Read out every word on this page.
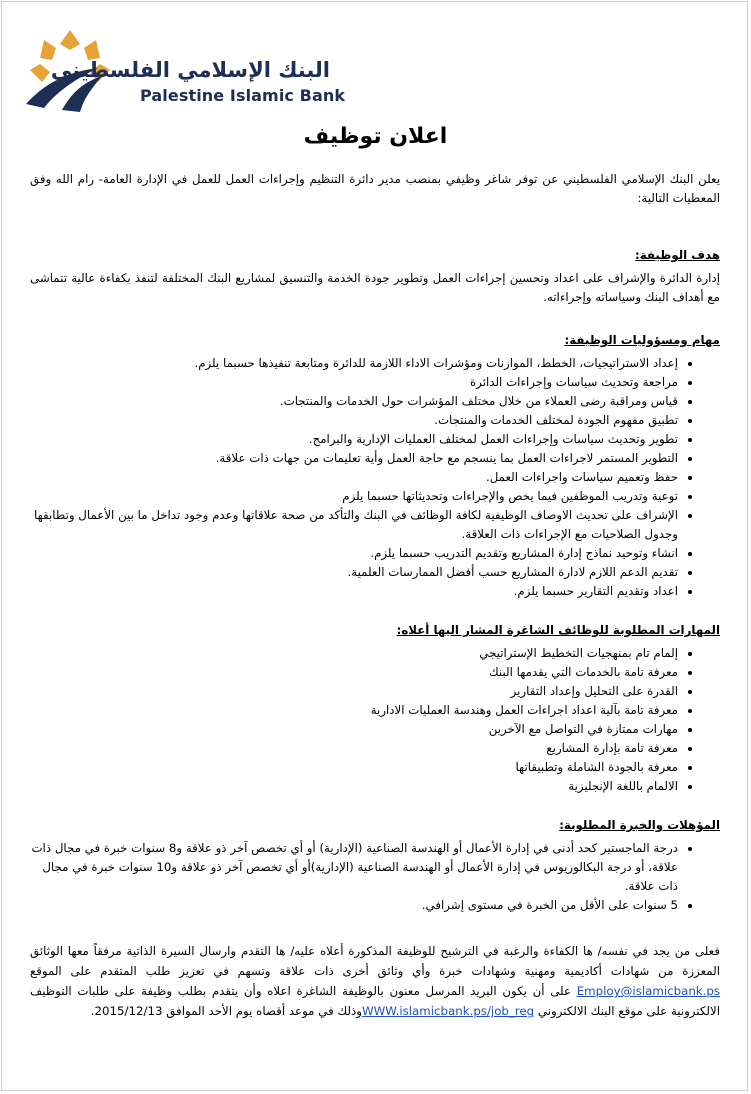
البنك الإسلامي الفلسطيني
Palestine Islamic Bank
اعلان توظيف

يعلن البنك الإسلامي الفلسطيني عن توفر شاغر وظيفي بمنصب مدير دائرة التنظيم وإجراءات العمل للعمل في الإدارة العامة- رام الله وفق المعطيات التالية:

هدف الوظيفة:

إدارة الدائرة والإشراف على اعداد وتحسين إجراءات العمل وتطوير جودة الخدمة والتنسيق لمشاريع البنك المختلفة لتنفذ بكفاءة عالية تتماشى مع أهداف البنك وسياساته وإجراءاته.

مهام ومسؤوليات الوظيفة:
• إعداد الاستراتيجيات، الخطط، الموازنات ومؤشرات الاداء اللازمة للدائرة ومتابعة تنفيذها حسبما يلزم.
• مراجعة وتحديث سياسات وإجراءات الدائرة
• قياس ومراقبة رضى العملاء من خلال مختلف المؤشرات حول الخدمات والمنتجات.
• تطبيق مفهوم الجودة لمختلف الخدمات والمنتجات.
• تطوير وتحديث سياسات وإجراءات العمل لمختلف العمليات الإدارية والبرامج.
• التطوير المستمر لاجراءات العمل بما ينسجم مع حاجة العمل وأية تعليمات من جهات ذات علاقة.
• حفظ وتعميم سياسات واجراءات العمل.
• توعية وتدريب الموظفين فيما يخص والإجراءات وتحديثاتها حسبما يلزم
• الإشراف على تحديث الاوصاف الوظيفية لكافة الوظائف في البنك والتأكد من صحة علاقاتها وعدم وجود تداخل ما بين الأعمال وتطابقها وجدول الصلاحيات مع الإجراءات ذات العلاقة.
• انشاء وتوحيد نماذج إدارة المشاريع وتقديم التدريب حسبما يلزم.
• تقديم الدعم اللازم لادارة المشاريع حسب أفضل الممارسات العلمية.
• اعداد وتقديم التقارير حسبما يلزم.
المهارات المطلوبة للوظائف الشاغرة المشار اليها أعلاه:
• إلمام تام بمنهجيات التخطيط الإستراتيجي
• معرفة تامة بالخدمات التي يقدمها البنك
• القدرة على التحليل وإعداد التقارير
• معرفة تامة بآلية اعداد اجراءات العمل وهندسة العمليات الادارية
• مهارات ممتازة في التواصل مع الآخرين
• معرفة تامة بإدارة المشاريع
• معرفة بالجودة الشاملة وتطبيقاتها
• الالمام باللغة الإنجليزية
المؤهلات والخبرة المطلوبة:
• درجة الماجستير كحد أدنى في إدارة الأعمال أو الهندسة الصناعية (الإدارية) أو أي تخصص آخر ذو علاقة و8 سنوات خبرة في مجال ذات علاقة، أو درجة البكالوريوس في إدارة الأعمال أو الهندسة الصناعية (الإدارية)أو أي تخصص آخر ذو علاقة و10 سنوات خبرة في مجال ذات علاقة.
• 5 سنوات على الأقل من الخبرة في مستوى إشرافي.

فعلى من يجد في نفسه/ ها الكفاءة والرغبة في الترشيح للوظيفة المذكورة أعلاه عليه/ ها التقدم وارسال السيرة الذاتية مرفقاً معها الوثائق المعززة من شهادات أكاديمية ومهنية وشهادات خبرة وأي وثائق أخرى ذات علاقة وتسهم في تعزيز طلب المتقدم على الموقع Employ@islamicbank.ps على أن يكون البريد المرسل معنون بالوظيفة الشاغرة اعلاه وأن يتقدم بطلب وظيفة على طلبات التوظيف الالكترونية على موقع البنك الالكتروني WWW.islamicbank.ps/job_regوذلك في موعد أقصاه يوم الأحد الموافق 2015/12/13.
